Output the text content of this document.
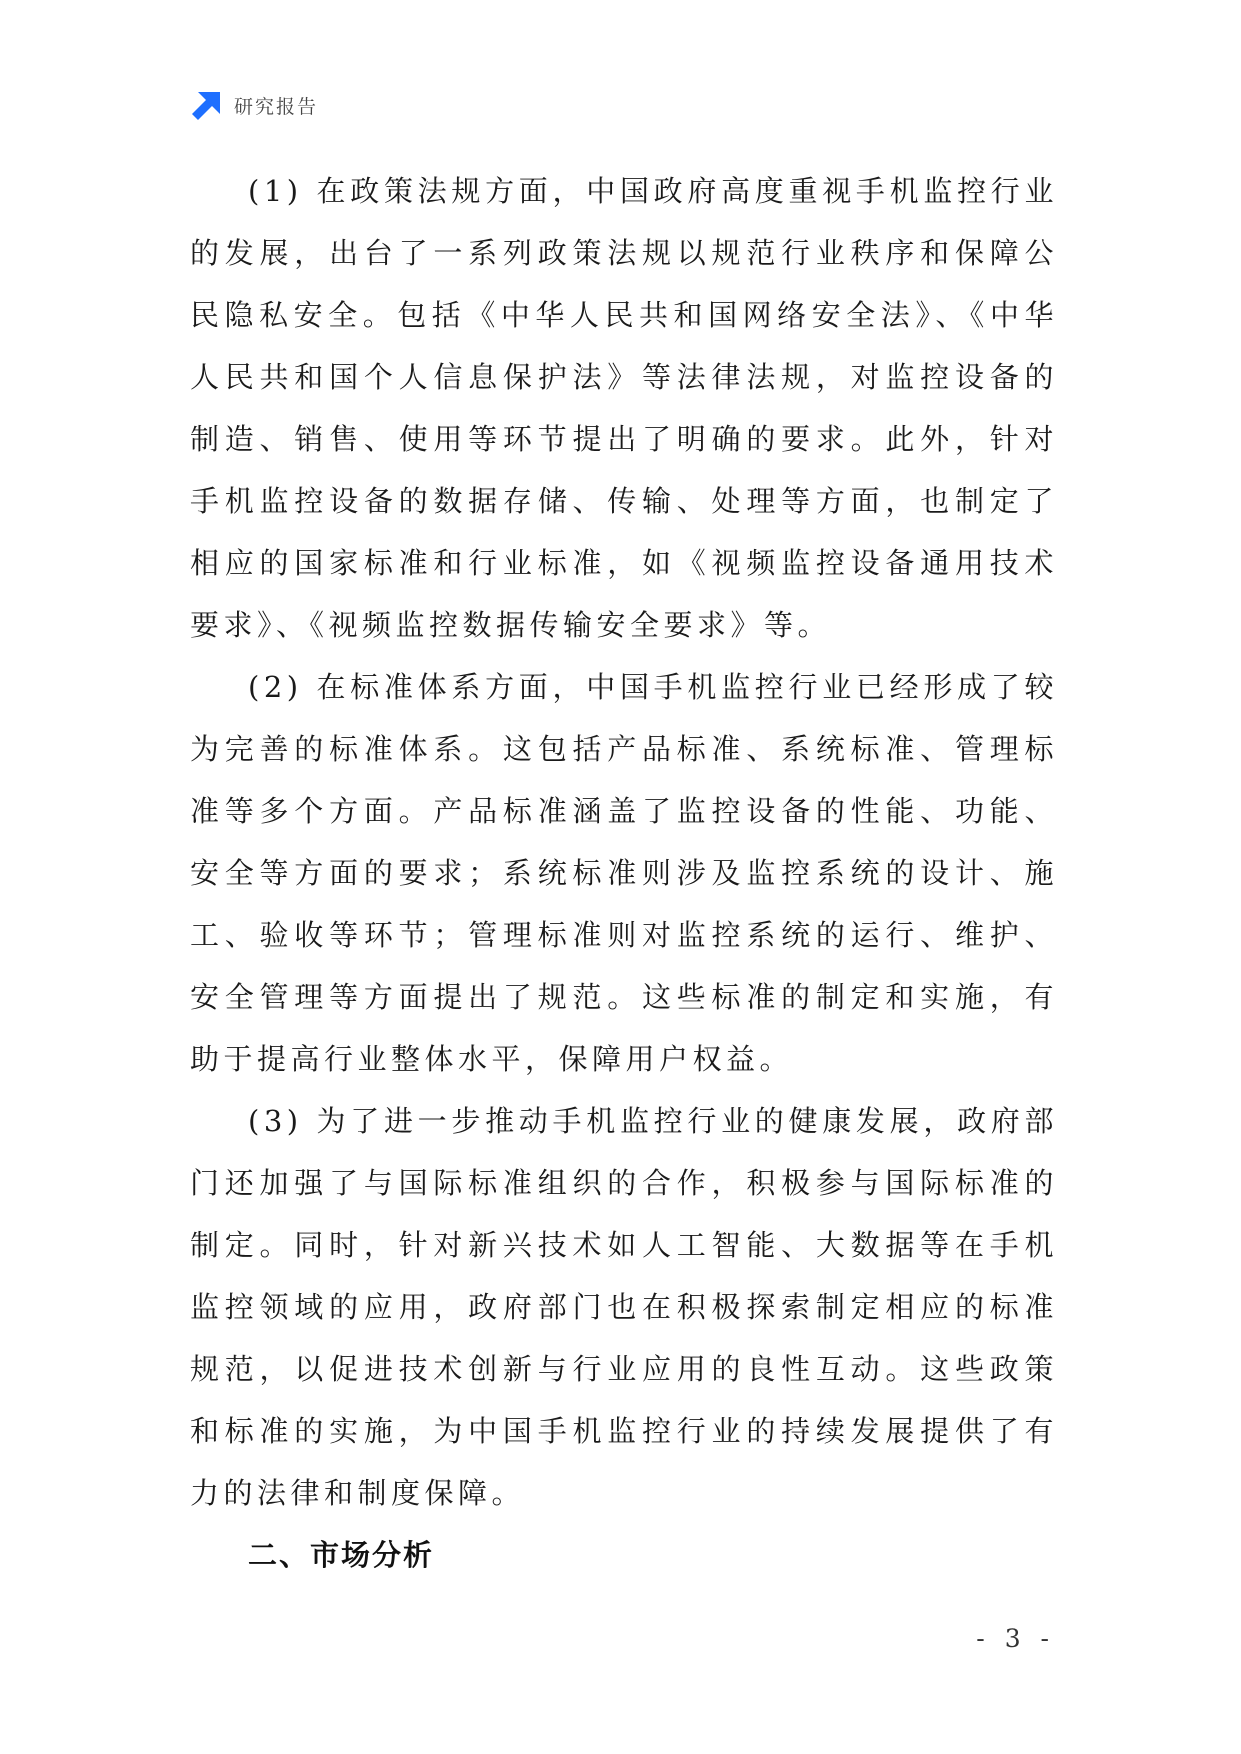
研究报告

(1) 在政策法规方面，中国政府高度重视手机监控行业的发展，出台了一系列政策法规以规范行业秩序和保障公民隐私安全。包括《中华人民共和国网络安全法》、《中华人民共和国个人信息保护法》等法律法规，对监控设备的制造、销售、使用等环节提出了明确的要求。此外，针对手机监控设备的数据存储、传输、处理等方面，也制定了相应的国家标准和行业标准，如《视频监控设备通用技术要求》、《视频监控数据传输安全要求》等。

(2) 在标准体系方面，中国手机监控行业已经形成了较为完善的标准体系。这包括产品标准、系统标准、管理标准等多个方面。产品标准涵盖了监控设备的性能、功能、安全等方面的要求；系统标准则涉及监控系统的设计、施工、验收等环节；管理标准则对监控系统的运行、维护、安全管理等方面提出了规范。这些标准的制定和实施，有助于提高行业整体水平，保障用户权益。

(3) 为了进一步推动手机监控行业的健康发展，政府部门还加强了与国际标准组织的合作，积极参与国际标准的制定。同时，针对新兴技术如人工智能、大数据等在手机监控领域的应用，政府部门也在积极探索制定相应的标准规范，以促进技术创新与行业应用的良性互动。这些政策和标准的实施，为中国手机监控行业的持续发展提供了有力的法律和制度保障。

二、市场分析
- 3 -
